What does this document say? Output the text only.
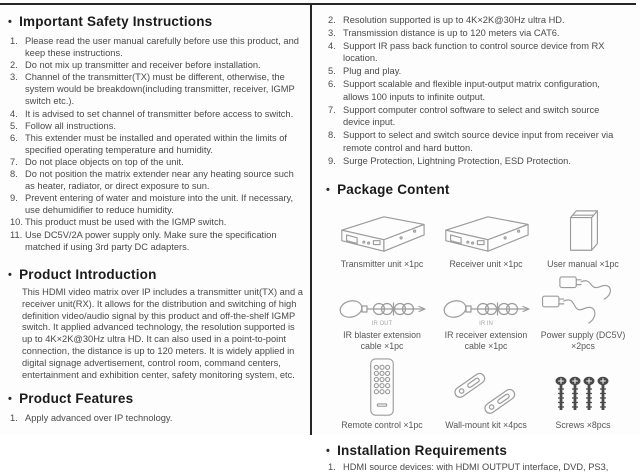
• Important Safety Instructions
1. Please read the user manual carefully before use this product, and keep these instructions.
2. Do not mix up transmitter and receiver before installation.
3. Channel of the transmitter(TX) must be different, otherwise, the system would be breakdown(including transmitter, receiver, IGMP switch etc.).
4. It is advised to set channel of transmitter before access to switch.
5. Follow all instructions.
6. This extender must be installed and operated within the limits of specified operating temperature and humidity.
7. Do not place objects on top of the unit.
8. Do not position the matrix extender near any heating source such as heater, radiator, or direct exposure to sun.
9. Prevent entering of water and moisture into the unit. If necessary, use dehumidifier to reduce humidity.
10. This product must be used with the IGMP switch.
11. Use DC5V/2A power supply only. Make sure the specification matched if using 3rd party DC adapters.
• Product Introduction

This HDMI video matrix over IP includes a transmitter unit(TX) and a receiver unit(RX). It allows for the distribution and switching of high definition video/audio signal by this product and off-the-shelf IGMP switch. It applied advanced technology, the resolution supported is up to 4K×2K@30Hz ultra HD. It can also used in a point-to-point connection, the distance is up to 120 meters. It is widely applied in digital signage advertisement, control room, command centers, entertainment and exhibition center, safety monitoring system, etc.

• Product Features
1. Apply advanced over IP technology.
2. Resolution supported is up to 4K×2K@30Hz ultra HD.
3. Transmission distance is up to 120 meters via CAT6.
4. Support IR pass back function to control source device from RX location.
5. Plug and play.
6. Support scalable and flexible input-output matrix configuration, allows 100 inputs to infinite output.
7. Support computer control software to select and switch source device input.
8. Support to select and switch source device input from receiver via remote control and hard button.
9. Surge Protection, Lightning Protection, ESD Protection.
• Package Content
Transmitter unit ×1pc	Receiver unit ×1pc	User manual ×1pc
IR OUT
IR blaster extension cable ×1pc
IR IN
IR receiver extension cable ×1pc
Power supply (DC5V) ×2pcs
Remote control ×1pc	Wall-mount kit ×4pcs	Screws ×8pcs
• Installation Requirements
1. HDMI source devices: with HDMI OUTPUT interface, DVD, PS3,
